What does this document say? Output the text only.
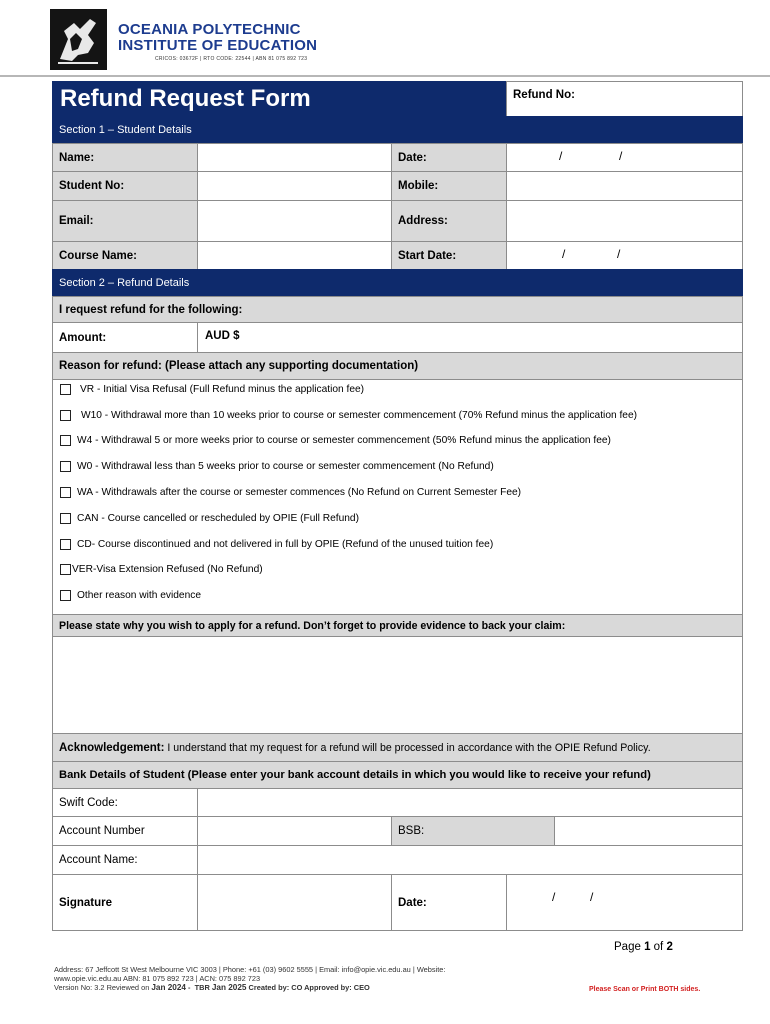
OCEANIA POLYTECHNIC
INSTITUTE OF EDUCATION
CRICOS: 03672F | RTO CODE: 22544 | ABN 81 075 892 723
Refund Request Form	Refund No:
Section 1 – Student Details
Name:	Date:	/	/
Student No:	Mobile:
Email:	Address:
Course Name:	Start Date:	/	/
Section 2 – Refund Details
I request refund for the following:
Amount:	AUD $
Reason for refund: (Please attach any supporting documentation)
VR - Initial Visa Refusal (Full Refund minus the application fee)
W10 - Withdrawal more than 10 weeks prior to course or semester commencement (70% Refund minus the application fee)
W4 - Withdrawal 5 or more weeks prior to course or semester commencement (50% Refund minus the application fee)
W0 - Withdrawal less than 5 weeks prior to course or semester commencement (No Refund)
WA - Withdrawals after the course or semester commences (No Refund on Current Semester Fee)
CAN - Course cancelled or rescheduled by OPIE (Full Refund)
CD- Course discontinued and not delivered in full by OPIE (Refund of the unused tuition fee)
VER-Visa Extension Refused (No Refund)
Other reason with evidence
Please state why you wish to apply for a refund. Don’t forget to provide evidence to back your claim:
Acknowledgement: I understand that my request for a refund will be processed in accordance with the OPIE Refund Policy.
Bank Details of Student (Please enter your bank account details in which you would like to receive your refund)
Swift Code:
Account Number	BSB:
Account Name:
Signature	Date:	/	/
Page 1 of 2
Address: 67 Jeffcott St West Melbourne VIC 3003 | Phone: +61 (03) 9602 5555 | Email: info@opie.vic.edu.au | Website:
www.opie.vic.edu.au ABN: 81 075 892 723 | ACN: 075 892 723
Version No: 3.2 Reviewed on Jan 2024 -  TBR Jan 2025 Created by: CO Approved by: CEO	Please Scan or Print BOTH sides.
